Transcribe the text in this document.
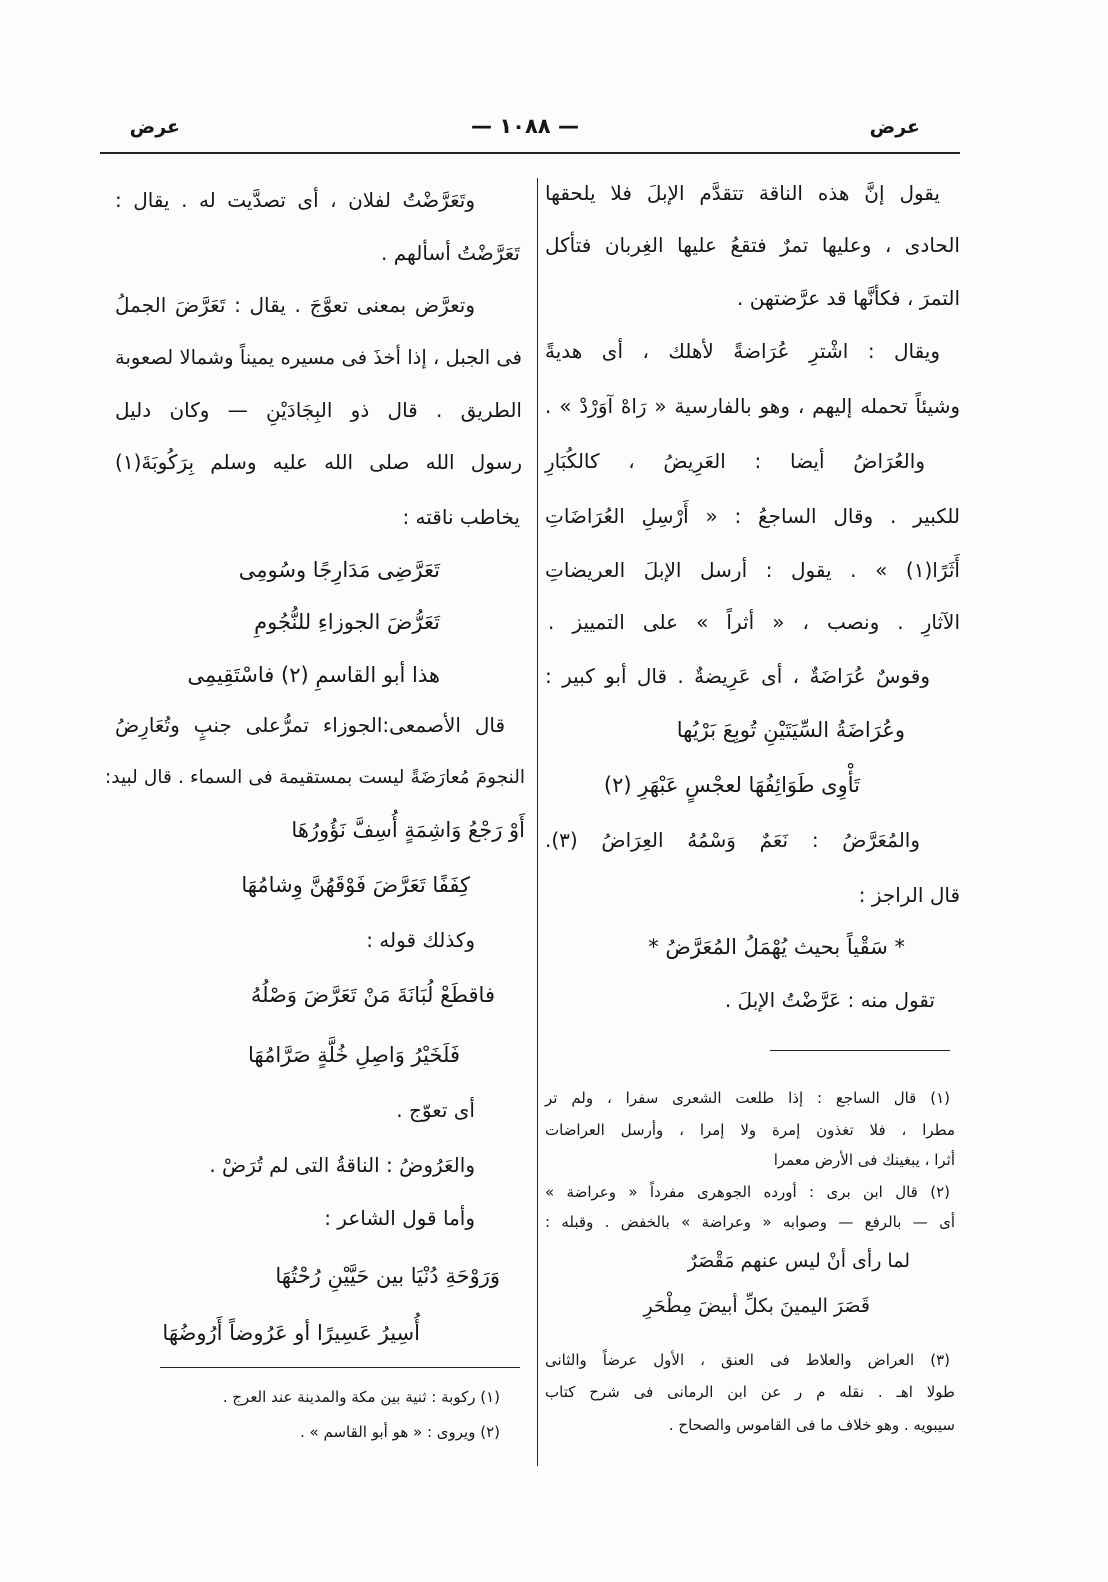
عرض
— ١٠٨٨ —
عرض
يقول إنَّ هذه الناقة تتقدَّم الإبلَ فلا يلحقها
الحادى ، وعليها تمرٌ فتقعُ عليها الغِربان فتأكل
التمرَ ، فكأنَّها قد عرَّضتهن .
ويقال : اشْترِ عُرَاضةً لأهلك ، أى هديةً
وشيئاً تحمله إليهم ، وهو بالفارسية « رَاهْ آوَرْدْ » .
والعُرَاضُ أيضا : العَرِيضُ ، كالكُبَارِ
للكبير . وقال الساجعُ : « أَرْسِلِ العُرَاضَاتِ
أَثَرًا(١) » . يقول : أرسل الإبلَ العريضاتِ
الآثارِ . ونصب ، « أثراً » على التمييز .
وقوسٌ عُرَاضَةٌ ، أى عَرِيضةٌ . قال أبو كبير :
وعُرَاضَةُ السِّيَتَيْنِ تُوبِعَ بَرْيُها
تَأْوِى طَوَائِفُهَا لعجْسٍ عَبْهَرِ (٢)
والمُعَرَّضُ : نَعَمٌ وَسْمُهُ العِرَاضُ (٣).
قال الراجز :
* سَقْياً بحيث يُهْمَلُ المُعَرَّضُ *
تقول منه : عَرَّضْتُ الإبلَ .
(١) قال الساجع : إذا طلعت الشعرى سفرا ، ولم تر
مطرا ، فلا تغذون إمرة ولا إمرا ، وأرسل العراضات
أثرا ، يبغينك فى الأرض معمرا
(٢) قال ابن برى : أورده الجوهرى مفرداً « وعراضة »
أى — بالرفع — وصوابه « وعراضة » بالخفض . وقبله :
لما رأى أنْ ليس عنهم مَقْصَرٌ
قَصَرَ اليمينَ بكلِّ أبيضَ مِطْحَرِ
(٣) العراض والعلاط فى العنق ، الأول عرضاً والثانى
طولا اهـ . نقله م ر عن ابن الرمانى فى شرح كتاب
سيبويه . وهو خلاف ما فى القاموس والصحاح .
وتَعَرَّضْتُ لفلان ، أى تصدَّيت له . يقال :
تَعَرَّضْتُ أسألهم .
وتعرَّض بمعنى تعوَّجَ . يقال : تَعَرَّضَ الجملُ
فى الجبل ، إذا أخذَ فى مسيره يميناً وشمالا لصعوبة
الطريق . قال ذو البِجَادَيْنِ — وكان دليل
رسول الله صلى الله عليه وسلم بِرَكُوبَةَ(١)
يخاطب ناقته :
تَعَرَّضِى مَدَارِجًا وسُومِى
تَعَرُّضَ الجوزاءِ للنُّجُومِ
هذا أبو القاسمِ (٢) فاسْتَقِيمِى
قال الأصمعى:الجوزاء تمرُّعلى جنبٍ وتُعَارِضُ
النجومَ مُعارَضَةً ليست بمستقيمة فى السماء . قال لبيد:
أَوْ رَجْعُ وَاشِمَةٍ أُسِفَّ نَؤُورُهَا
كِفَفًا تَعَرَّضَ فَوْقَهُنَّ وِشامُهَا
وكذلك قوله :
فاقطَعْ لُبَانَةَ مَنْ تَعَرَّضَ وَصْلُهُ
فَلَخَيْرُ وَاصِلِ خُلَّةٍ صَرَّامُهَا
أى تعوّج .
والعَرُوضُ : الناقةُ التى لم تُرَضْ .
وأما قول الشاعر :
وَرَوْحَةِ دُنْيَا بين حَيَّيْنِ رُحْتُهَا
أُسِيرُ عَسِيرًا أو عَرُوضاً أَرُوضُهَا
(١) ركوبة : ثنية بين مكة والمدينة عند العرج .
(٢) ويروى : « هو أبو القاسم » .
